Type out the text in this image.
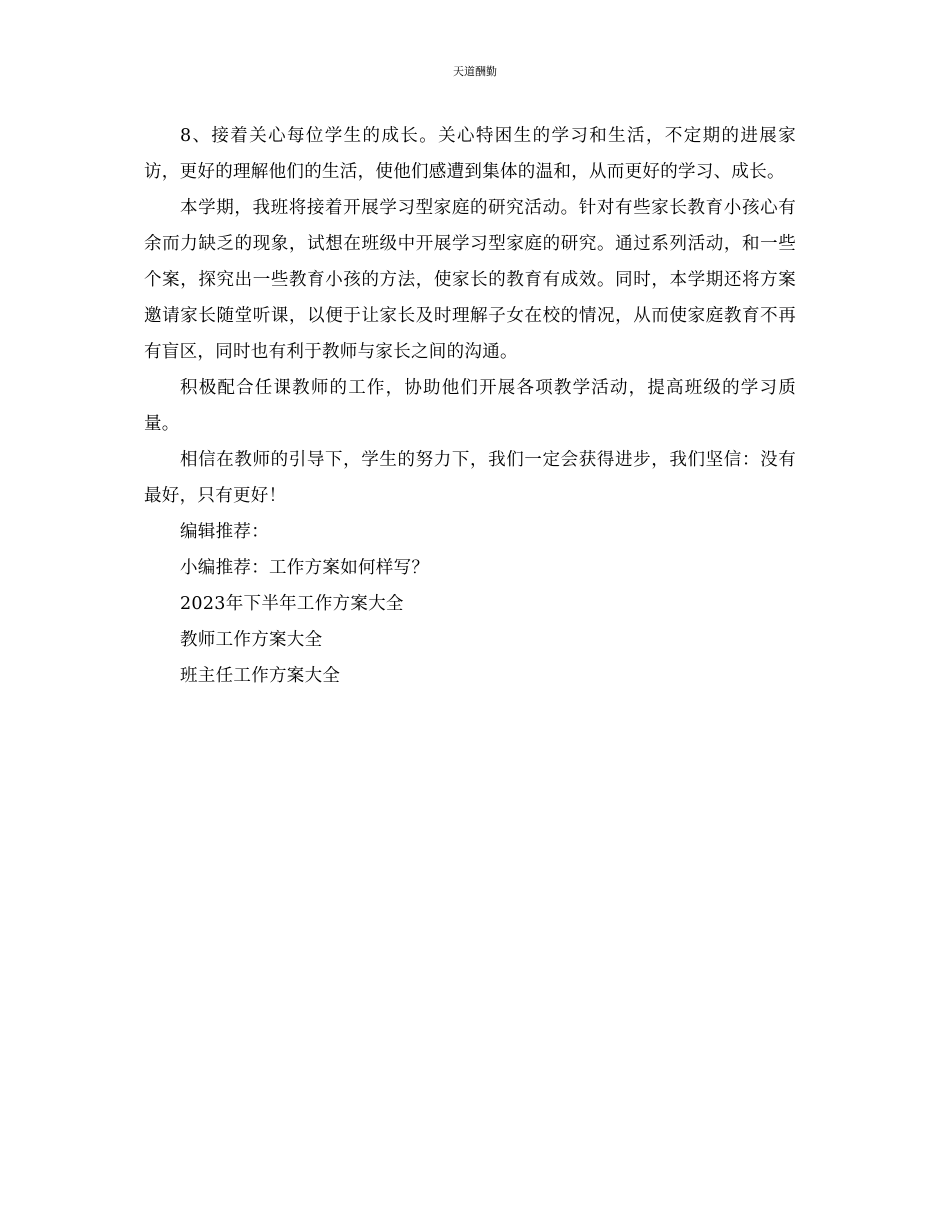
天道酬勤

8、接着关心每位学生的成长。关心特困生的学习和生活，不定期的进展家访，更好的理解他们的生活，使他们感遭到集体的温和，从而更好的学习、成长。

本学期，我班将接着开展学习型家庭的研究活动。针对有些家长教育小孩心有余而力缺乏的现象，试想在班级中开展学习型家庭的研究。通过系列活动，和一些个案，探究出一些教育小孩的方法，使家长的教育有成效。同时，本学期还将方案邀请家长随堂听课，以便于让家长及时理解子女在校的情况，从而使家庭教育不再有盲区，同时也有利于教师与家长之间的沟通。

积极配合任课教师的工作，协助他们开展各项教学活动，提高班级的学习质量。

相信在教师的引导下，学生的努力下，我们一定会获得进步，我们坚信：没有最好，只有更好！

编辑推荐：

小编推荐：工作方案如何样写？

2023年下半年工作方案大全

教师工作方案大全

班主任工作方案大全
